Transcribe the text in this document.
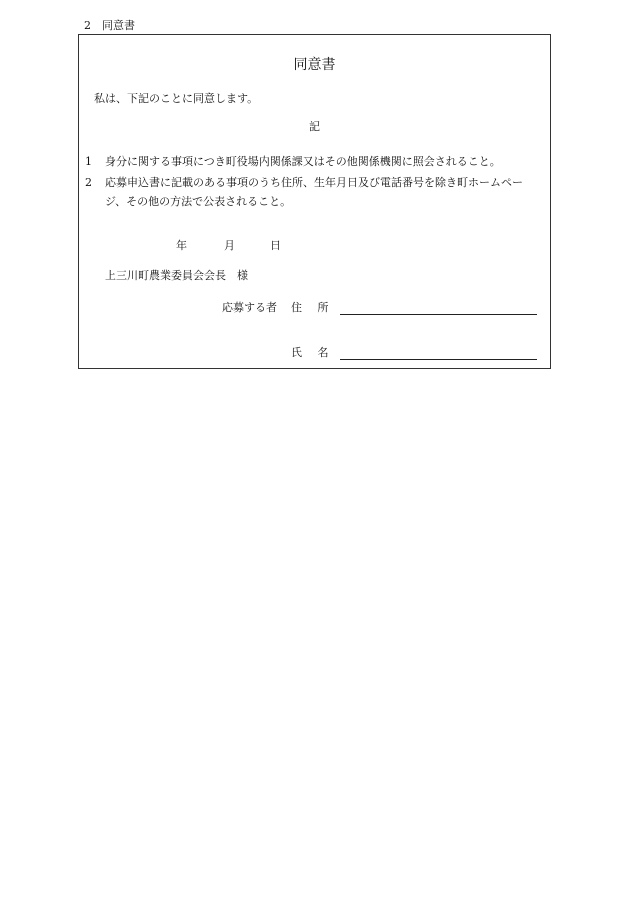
2　 同意書
同意書
私は、下記のことに同意します。
記
1 身分に関する事項につき町役場内関係課又はその他関係機関に照会されること。
2 応募申込書に記載のある事項のうち住所、生年月日及び電話番号を除き町ホームペー
ジ、その他の方法で公表されること。
年	月	日
上三川町農業委員会会長　様
応募する者 住 所
氏 名
